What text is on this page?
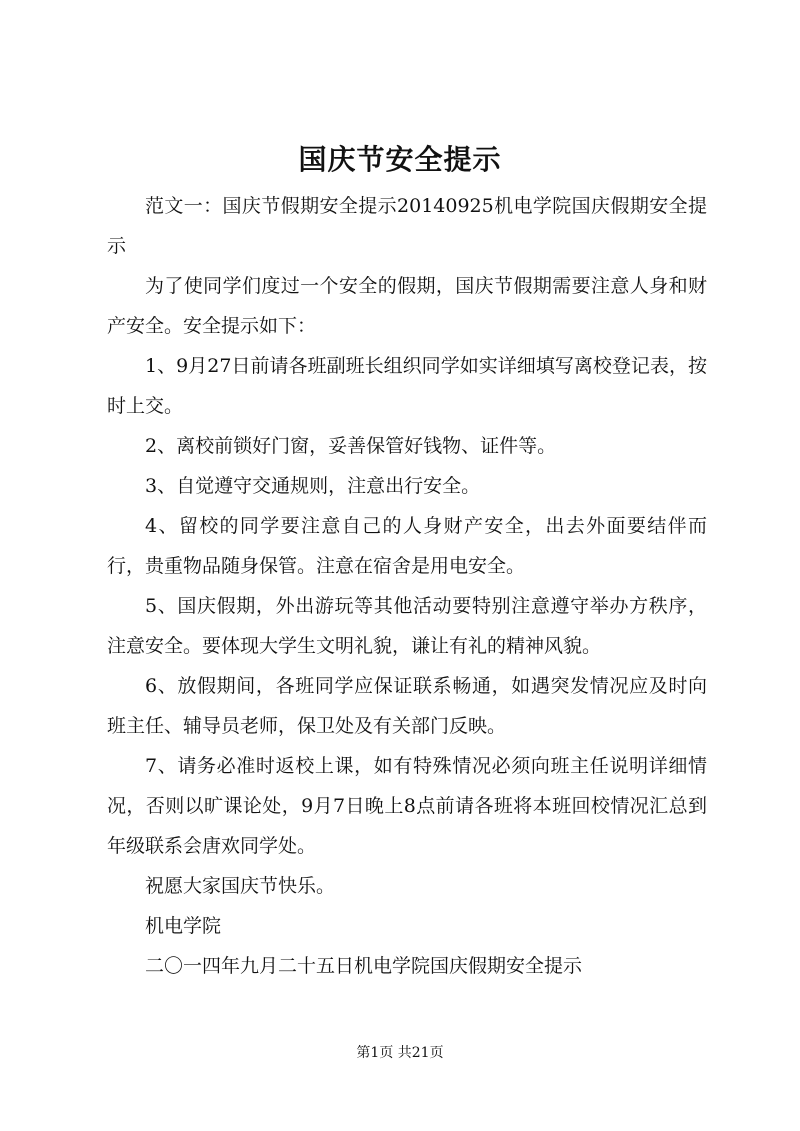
国庆节安全提示

范文一：国庆节假期安全提示20140925机电学院国庆假期安全提示

为了使同学们度过一个安全的假期，国庆节假期需要注意人身和财产安全。安全提示如下：

1、9月27日前请各班副班长组织同学如实详细填写离校登记表，按时上交。

2、离校前锁好门窗，妥善保管好钱物、证件等。

3、自觉遵守交通规则，注意出行安全。

4、留校的同学要注意自己的人身财产安全，出去外面要结伴而行，贵重物品随身保管。注意在宿舍是用电安全。

5、国庆假期，外出游玩等其他活动要特别注意遵守举办方秩序，注意安全。要体现大学生文明礼貌，谦让有礼的精神风貌。

6、放假期间，各班同学应保证联系畅通，如遇突发情况应及时向班主任、辅导员老师，保卫处及有关部门反映。

7、请务必准时返校上课，如有特殊情况必须向班主任说明详细情况，否则以旷课论处，9月7日晚上8点前请各班将本班回校情况汇总到年级联系会唐欢同学处。

祝愿大家国庆节快乐。

机电学院

二〇一四年九月二十五日机电学院国庆假期安全提示

第1页 共21页
